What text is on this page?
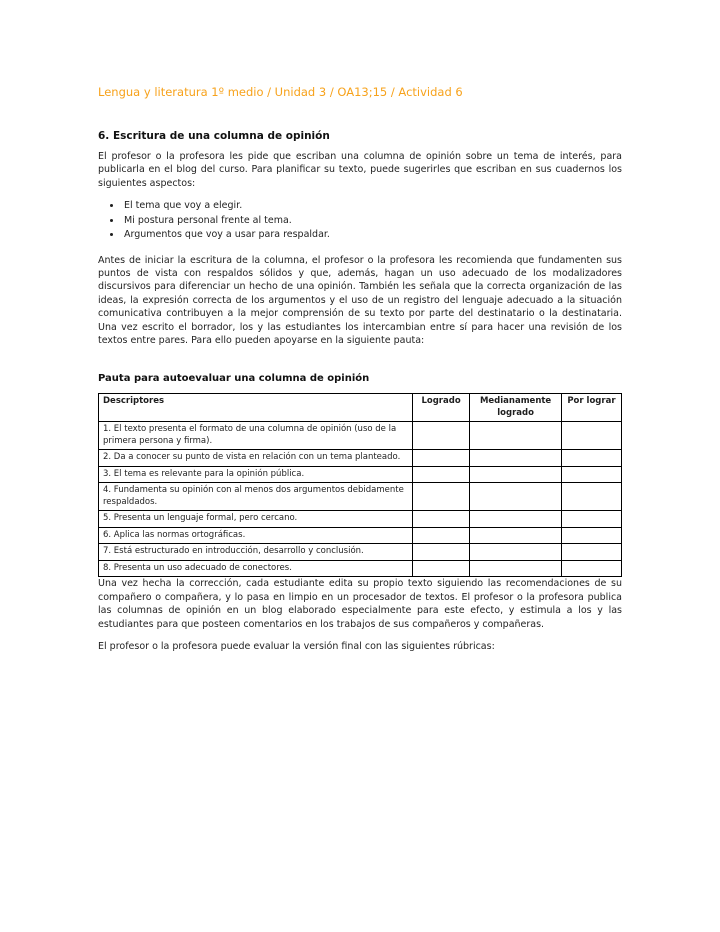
Lengua y literatura 1º medio / Unidad 3 / OA13;15 / Actividad 6
6. Escritura de una columna de opinión

El profesor o la profesora les pide que escriban una columna de opinión sobre un tema de interés, para publicarla en el blog del curso. Para planificar su texto, puede sugerirles que escriban en sus cuadernos los siguientes aspectos:

• El tema que voy a elegir.
• Mi postura personal frente al tema.
• Argumentos que voy a usar para respaldar.

Antes de iniciar la escritura de la columna, el profesor o la profesora les recomienda que fundamenten sus puntos de vista con respaldos sólidos y que, además, hagan un uso adecuado de los modalizadores discursivos para diferenciar un hecho de una opinión. También les señala que la correcta organización de las ideas, la expresión correcta de los argumentos y el uso de un registro del lenguaje adecuado a la situación comunicativa contribuyen a la mejor comprensión de su texto por parte del destinatario o la destinataria. Una vez escrito el borrador, los y las estudiantes los intercambian entre sí para hacer una revisión de los textos entre pares. Para ello pueden apoyarse en la siguiente pauta:

Pauta para autoevaluar una columna de opinión
Descriptores	Logrado	Medianamente logrado	Por lograr
1. El texto presenta el formato de una columna de opinión (uso de la primera persona y firma).			
2. Da a conocer su punto de vista en relación con un tema planteado.			
3. El tema es relevante para la opinión pública.			
4. Fundamenta su opinión con al menos dos argumentos debidamente respaldados.			
5. Presenta un lenguaje formal, pero cercano.			
6. Aplica las normas ortográficas.			
7. Está estructurado en introducción, desarrollo y conclusión.			
8. Presenta un uso adecuado de conectores.			

Una vez hecha la corrección, cada estudiante edita su propio texto siguiendo las recomendaciones de su compañero o compañera, y lo pasa en limpio en un procesador de textos. El profesor o la profesora publica las columnas de opinión en un blog elaborado especialmente para este efecto, y estimula a los y las estudiantes para que posteen comentarios en los trabajos de sus compañeros y compañeras.

El profesor o la profesora puede evaluar la versión final con las siguientes rúbricas:
